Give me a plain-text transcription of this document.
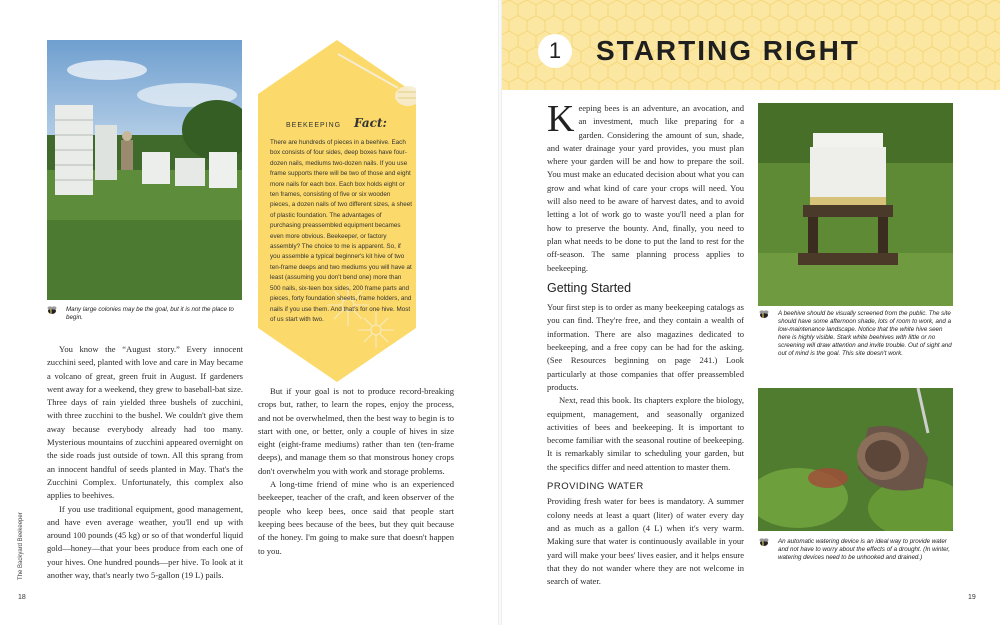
Many large colonies may be the goal, but it is not the place to begin.
BEEKEEPING Fact:
There are hundreds of pieces in a beehive. Each box consists of four sides, deep boxes have four-dozen nails, mediums two-dozen nails. If you use frame supports there will be two of those and eight more nails for each box. Each box holds eight or ten frames, consisting of five or six wooden pieces, a dozen nails of two different sizes, a sheet of plastic foundation. The advantages of purchasing preassembled equipment becames even more obvious. Beekeeper, or factory assembly? The choice to me is apparent. So, if you assemble a typical beginner's kit hive of two ten-frame deeps and two mediums you will have at least (assuming you don't bend one) more than 500 nails, six-teen box sides, 200 frame parts and pieces, forty foundation sheets, frame holders, and nails if you use them. And that's for one hive. Most of us start with two.

You know the “August story.” Every innocent zucchini seed, planted with love and care in May became a volcano of great, green fruit in August. If gardeners went away for a weekend, they grew to baseball-bat size. Three days of rain yielded three bushels of zucchini, with three zucchini to the bushel. We couldn't give them away because everybody already had too many. Mysterious mountains of zucchini appeared overnight on the side roads just outside of town. All this sprang from an innocent handful of seeds planted in May. That's the Zucchini Complex. Unfortunately, this complex also applies to beehives.

If you use traditional equipment, good management, and have even average weather, you'll end up with around 100 pounds (45 kg) or so of that wonderful liquid gold—honey—that your bees produce from each one of your hives. One hundred pounds—per hive. To look at it another way, that's nearly two 5-gallon (19 L) pails.

But if your goal is not to produce record-breaking crops but, rather, to learn the ropes, enjoy the process, and not be overwhelmed, then the best way to begin is to start with one, or better, only a couple of hives in size eight (eight-frame mediums) rather than ten (ten-frame deeps), and manage them so that monstrous honey crops don't overwhelm you with work and storage problems.

A long-time friend of mine who is an experienced beekeeper, teacher of the craft, and keen observer of the people who keep bees, once said that people start keeping bees because of the bees, but they quit because of the honey. I'm going to make sure that doesn't happen to you.

The Backyard Beekeeper
18
1	STARTING RIGHT

Keeping bees is an adventure, an avocation, and an investment, much like preparing for a garden. Considering the amount of sun, shade, and water drainage your yard provides, you must plan where your garden will be and how to prepare the soil. You must make an educated decision about what you can grow and what kind of care your crops will need. You will also need to be aware of harvest dates, and to avoid letting a lot of work go to waste you'll need a plan for how to preserve the bounty. And, finally, you need to plan what needs to be done to put the land to rest for the off-season. The same planning process applies to beekeeping.

Getting Started

Your first step is to order as many beekeeping catalogs as you can find. They're free, and they contain a wealth of information. There are also magazines dedicated to beekeeping, and a free copy can be had for the asking. (See Resources beginning on page 241.) Look particularly at those companies that offer preassembled products.

Next, read this book. Its chapters explore the biology, equipment, management, and seasonally organized activities of bees and beekeeping. It is important to become familiar with the seasonal routine of beekeeping. It is remarkably similar to scheduling your garden, but the specifics differ and need attention to master them.

PROVIDING WATER

Providing fresh water for bees is mandatory. A summer colony needs at least a quart (liter) of water every day and as much as a gallon (4 L) when it's very warm. Making sure that water is continuously available in your yard will make your bees' lives easier, and it helps ensure that they do not wander where they are not welcome in search of water.

A beehive should be visually screened from the public. The site should have some afternoon shade, lots of room to work, and a low-maintenance landscape. Notice that the white hive seen here is highly visible. Stark white beehives with little or no screening will draw attention and invite trouble. Out of sight and out of mind is the goal. This site doesn't work.
An automatic watering device is an ideal way to provide water and not have to worry about the effects of a drought. (In winter, watering devices need to be unhooked and drained.)
19
